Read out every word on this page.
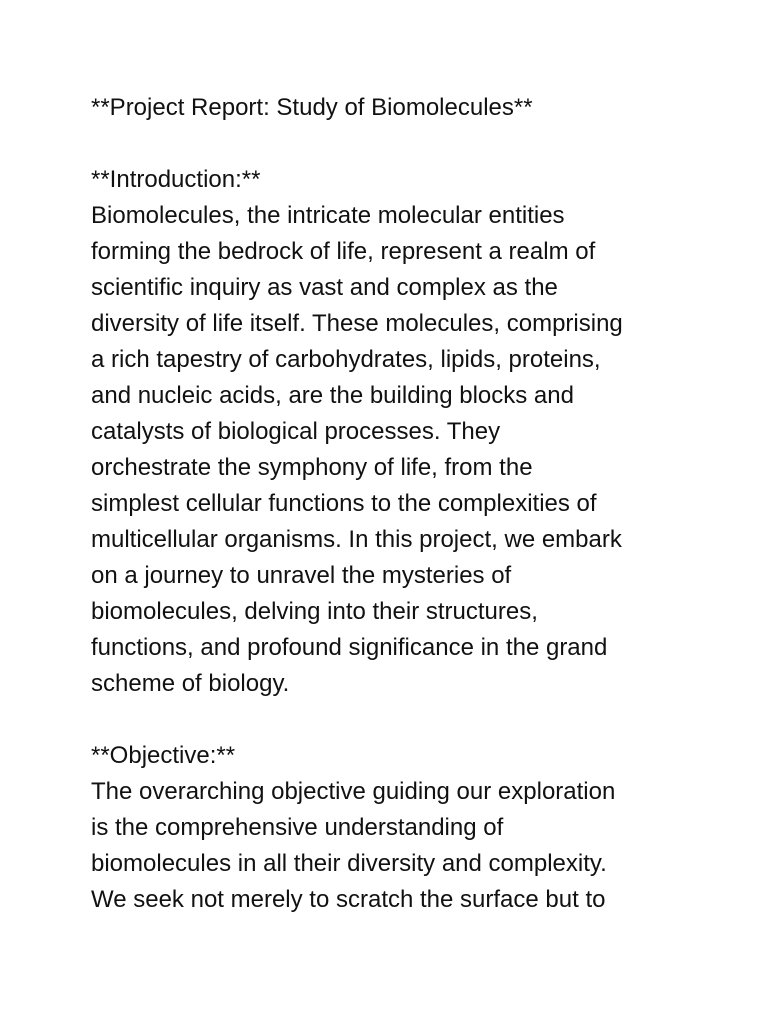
**Project Report: Study of Biomolecules**
**Introduction:**
Biomolecules, the intricate molecular entities
forming the bedrock of life, represent a realm of
scientific inquiry as vast and complex as the
diversity of life itself. These molecules, comprising
a rich tapestry of carbohydrates, lipids, proteins,
and nucleic acids, are the building blocks and
catalysts of biological processes. They
orchestrate the symphony of life, from the
simplest cellular functions to the complexities of
multicellular organisms. In this project, we embark
on a journey to unravel the mysteries of
biomolecules, delving into their structures,
functions, and profound significance in the grand
scheme of biology.
**Objective:**
The overarching objective guiding our exploration
is the comprehensive understanding of
biomolecules in all their diversity and complexity.
We seek not merely to scratch the surface but to
